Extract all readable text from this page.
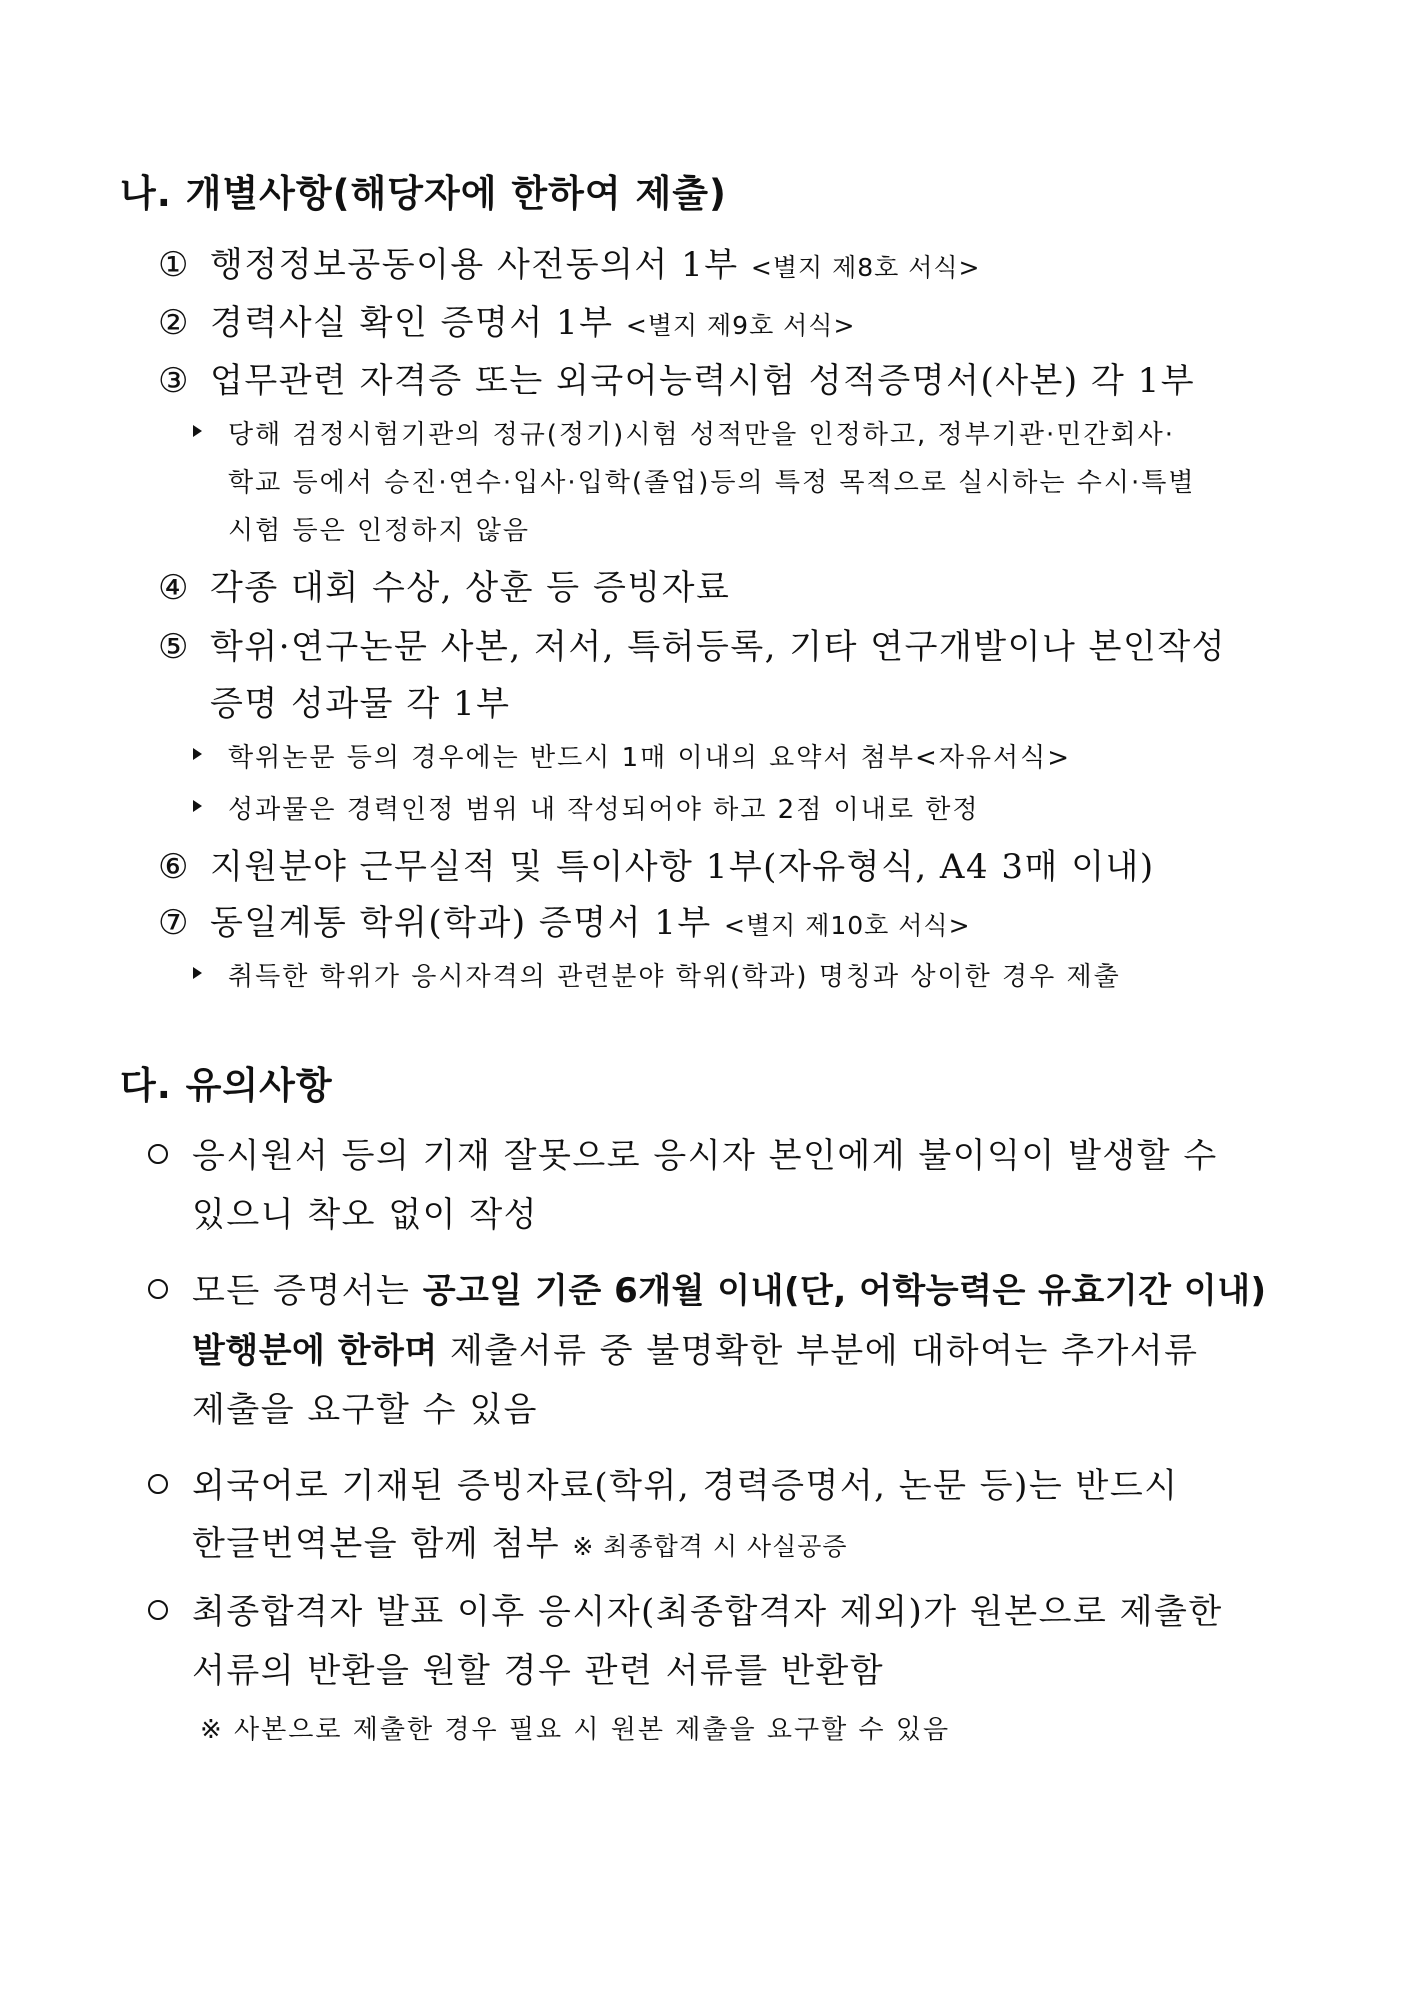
나. 개별사항(해당자에 한하여 제출)
① 행정정보공동이용 사전동의서 1부 <별지 제8호 서식>
② 경력사실 확인 증명서 1부 <별지 제9호 서식>
③ 업무관련 자격증 또는 외국어능력시험 성적증명서(사본) 각 1부
당해 검정시험기관의 정규(정기)시험 성적만을 인정하고, 정부기관·민간회사·
학교 등에서 승진·연수·입사·입학(졸업)등의 특정 목적으로 실시하는 수시·특별
시험 등은 인정하지 않음
④ 각종 대회 수상, 상훈 등 증빙자료
⑤ 학위·연구논문 사본, 저서, 특허등록, 기타 연구개발이나 본인작성
증명 성과물 각 1부
학위논문 등의 경우에는 반드시 1매 이내의 요약서 첨부<자유서식>
성과물은 경력인정 범위 내 작성되어야 하고 2점 이내로 한정
⑥ 지원분야 근무실적 및 특이사항 1부(자유형식, A4 3매 이내)
⑦ 동일계통 학위(학과) 증명서 1부 <별지 제10호 서식>
취득한 학위가 응시자격의 관련분야 학위(학과) 명칭과 상이한 경우 제출
다. 유의사항
응시원서 등의 기재 잘못으로 응시자 본인에게 불이익이 발생할 수
있으니 착오 없이 작성
모든 증명서는 공고일 기준 6개월 이내(단, 어학능력은 유효기간 이내)
발행분에 한하며 제출서류 중 불명확한 부분에 대하여는 추가서류
제출을 요구할 수 있음
외국어로 기재된 증빙자료(학위, 경력증명서, 논문 등)는 반드시
한글번역본을 함께 첨부 ※ 최종합격 시 사실공증
최종합격자 발표 이후 응시자(최종합격자 제외)가 원본으로 제출한
서류의 반환을 원할 경우 관련 서류를 반환함
※ 사본으로 제출한 경우 필요 시 원본 제출을 요구할 수 있음
